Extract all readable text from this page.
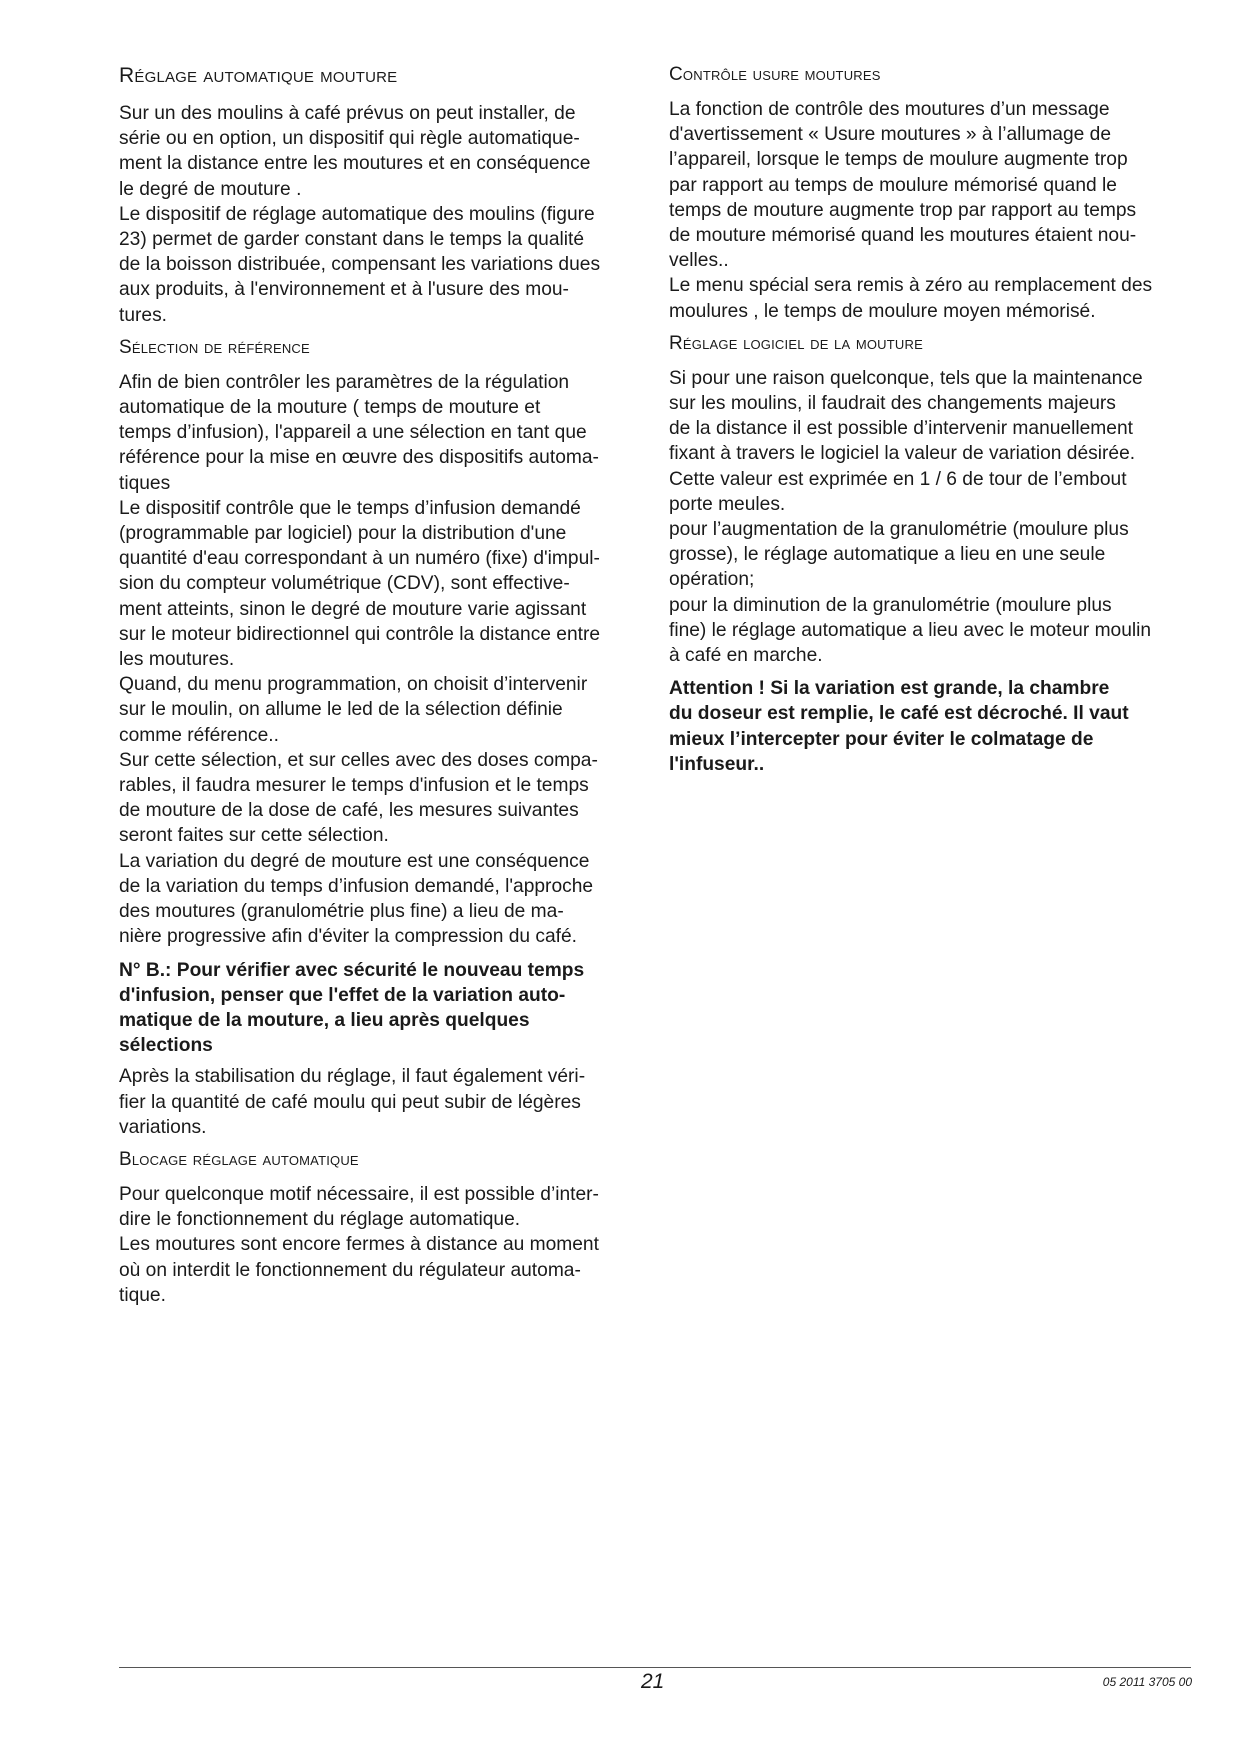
Réglage automatique mouture
Sur un des moulins à café prévus on peut installer, de
série ou en option, un dispositif qui règle automatique-
ment la distance entre les moutures et en conséquence
le degré de mouture .
Le dispositif de réglage automatique des moulins (figure
23) permet de garder constant dans le temps la qualité
de la boisson distribuée, compensant les variations dues
aux produits, à l'environnement et à l'usure des mou-
tures.
Sélection de référence
Afin de bien contrôler les paramètres de la régulation
automatique de la mouture ( temps de mouture et
temps d’infusion), l'appareil a une sélection en tant que
référence pour la mise en œuvre des dispositifs automa-
tiques
Le dispositif contrôle que le temps d’infusion demandé
(programmable par logiciel) pour la distribution d'une
quantité d'eau correspondant à un numéro (fixe) d'impul-
sion du compteur volumétrique (CDV), sont effective-
ment atteints, sinon le degré de mouture varie agissant
sur le moteur bidirectionnel qui contrôle la distance entre
les moutures.
Quand, du menu programmation, on choisit d’intervenir
sur le moulin, on allume le led de la sélection définie
comme référence..
Sur cette sélection, et sur celles avec des doses compa-
rables, il faudra mesurer le temps d'infusion et le temps
de mouture de la dose de café, les mesures suivantes
seront faites sur cette sélection.
La variation du degré de mouture est une conséquence
de la variation du temps d’infusion demandé, l'approche
des moutures (granulométrie plus fine) a lieu de ma-
nière progressive afin d'éviter la compression du café.
N° B.: Pour vérifier avec sécurité le nouveau temps
d'infusion, penser que l'effet de la variation auto-
matique de la mouture, a lieu après quelques
sélections
Après la stabilisation du réglage, il faut également véri-
fier la quantité de café moulu qui peut subir de légères
variations.
Blocage réglage automatique
Pour quelconque motif nécessaire, il est possible d’inter-
dire le fonctionnement du réglage automatique.
Les moutures sont encore fermes à distance au moment
où on interdit le fonctionnement du régulateur automa-
tique.
Contrôle usure moutures
La fonction de contrôle des moutures d’un message
d'avertissement « Usure moutures » à l’allumage de
l’appareil, lorsque le temps de moulure augmente trop
par rapport au temps de moulure mémorisé quand le
temps de mouture augmente trop par rapport au temps
de mouture mémorisé quand les moutures étaient nou-
velles..
Le menu spécial sera remis à zéro au remplacement des
moulures , le temps de moulure moyen mémorisé.
Réglage logiciel de la mouture
Si pour une raison quelconque, tels que la maintenance
sur les moulins, il faudrait des changements majeurs
de la distance il est possible d’intervenir manuellement
fixant à travers le logiciel la valeur de variation désirée.
Cette valeur est exprimée en 1 / 6 de tour de l’embout
porte meules.
pour l’augmentation de la granulométrie (moulure plus
grosse), le réglage automatique a lieu en une seule
opération;
pour la diminution de la granulométrie (moulure plus
fine) le réglage automatique a lieu avec le moteur moulin
à café en marche.
Attention ! Si la variation est grande, la chambre
du doseur est remplie, le café est décroché. Il vaut
mieux l’intercepter pour éviter le colmatage de
l'infuseur..
21	05 2011 3705 00
